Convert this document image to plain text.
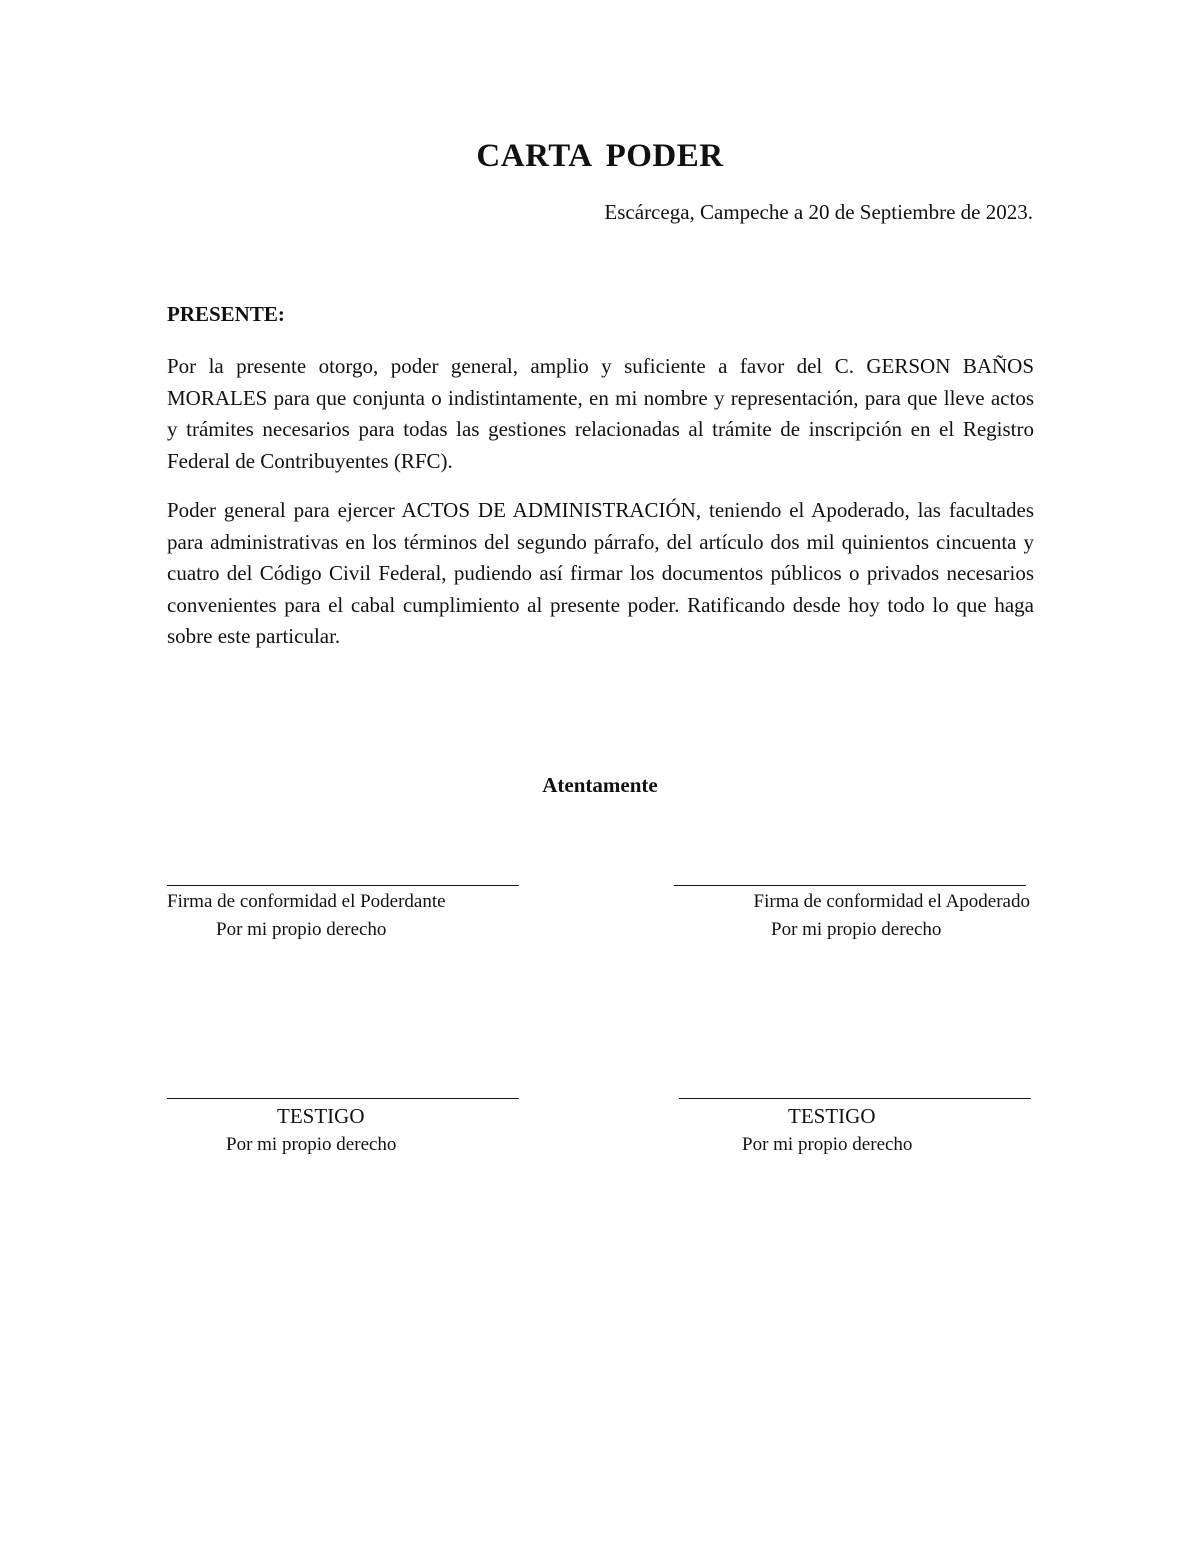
CARTA PODER

Escárcega, Campeche a 20 de Septiembre de 2023.

PRESENTE:

Por la presente otorgo, poder general, amplio y suficiente a favor del C. GERSON BAÑOS MORALES para que conjunta o indistintamente, en mi nombre y representación, para que lleve actos y trámites necesarios para todas las gestiones relacionadas al trámite de inscripción en el Registro Federal de Contribuyentes (RFC).

Poder general para ejercer ACTOS DE ADMINISTRACIÓN, teniendo el Apoderado, las facultades para administrativas en los términos del segundo párrafo, del artículo dos mil quinientos cincuenta y cuatro del Código Civil Federal, pudiendo así firmar los documentos públicos o privados necesarios convenientes para el cabal cumplimiento al presente poder. Ratificando desde hoy todo lo que haga sobre este particular.

Atentamente

Firma de conformidad el Poderdante
Por mi propio derecho
Firma de conformidad el Apoderado
Por mi propio derecho
TESTIGO
Por mi propio derecho
TESTIGO
Por mi propio derecho
